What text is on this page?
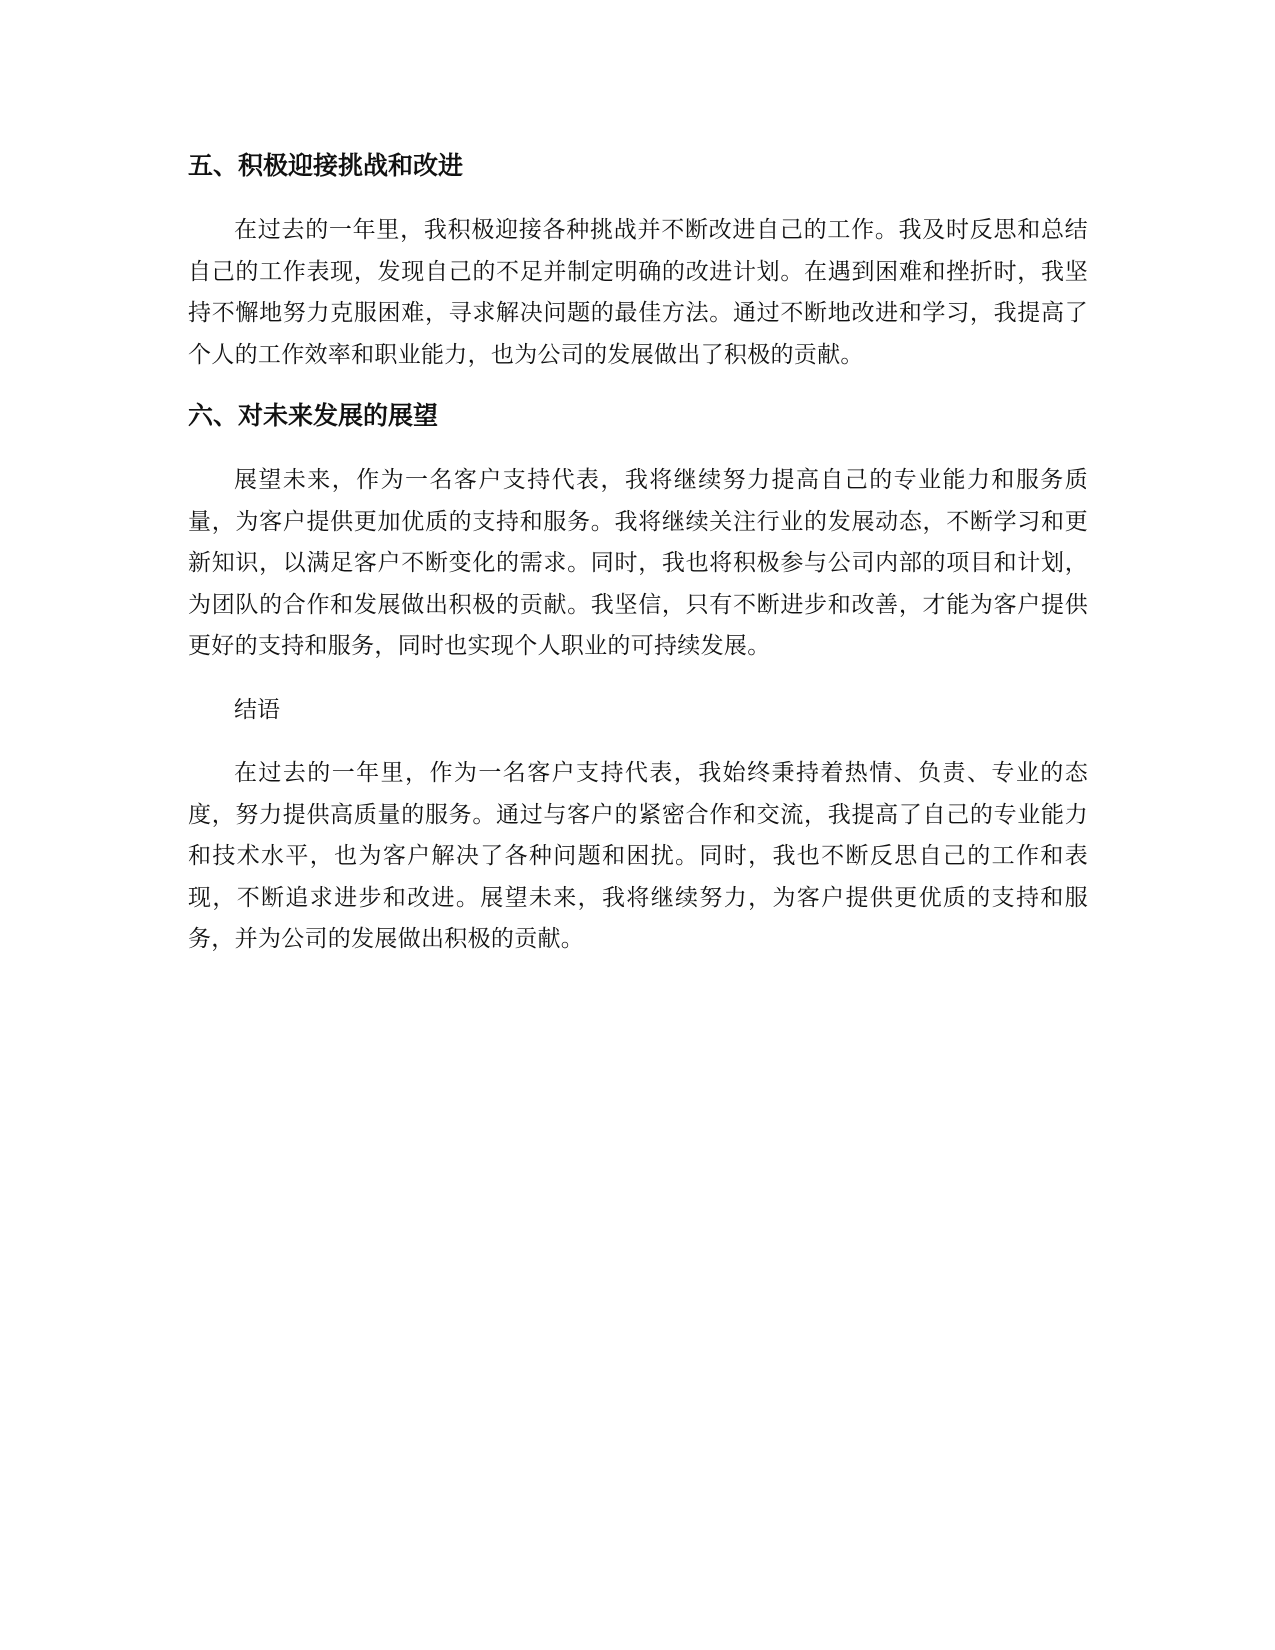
五、积极迎接挑战和改进

在过去的一年里，我积极迎接各种挑战并不断改进自己的工作。我及时反思和总结自己的工作表现，发现自己的不足并制定明确的改进计划。在遇到困难和挫折时，我坚持不懈地努力克服困难，寻求解决问题的最佳方法。通过不断地改进和学习，我提高了个人的工作效率和职业能力，也为公司的发展做出了积极的贡献。

六、对未来发展的展望

展望未来，作为一名客户支持代表，我将继续努力提高自己的专业能力和服务质量，为客户提供更加优质的支持和服务。我将继续关注行业的发展动态，不断学习和更新知识，以满足客户不断变化的需求。同时，我也将积极参与公司内部的项目和计划，为团队的合作和发展做出积极的贡献。我坚信，只有不断进步和改善，才能为客户提供更好的支持和服务，同时也实现个人职业的可持续发展。

结语

在过去的一年里，作为一名客户支持代表，我始终秉持着热情、负责、专业的态度，努力提供高质量的服务。通过与客户的紧密合作和交流，我提高了自己的专业能力和技术水平，也为客户解决了各种问题和困扰。同时，我也不断反思自己的工作和表现，不断追求进步和改进。展望未来，我将继续努力，为客户提供更优质的支持和服务，并为公司的发展做出积极的贡献。
